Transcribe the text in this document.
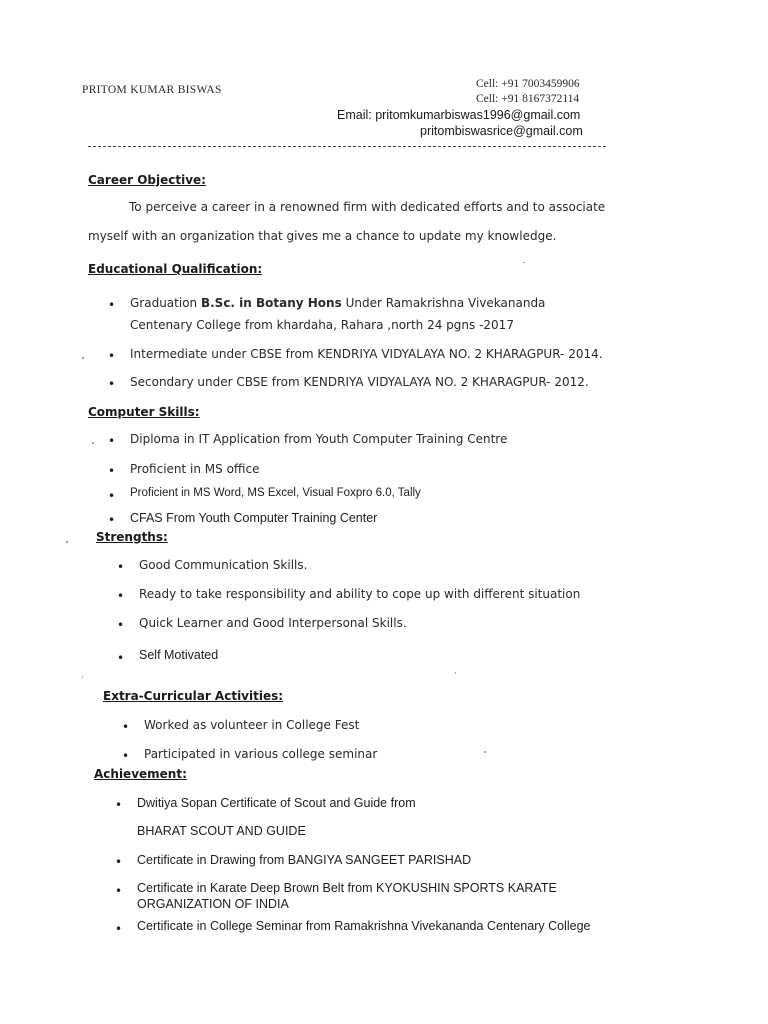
PRITOM KUMAR BISWAS	Cell: +91 7003459906
Cell: +91 8167372114
Email: pritomkumarbiswas1996@gmail.com
pritombiswasrice@gmail.com
Career Objective:
To perceive a career in a renowned firm with dedicated efforts and to associate
myself with an organization that gives me a chance to update my knowledge.
Educational Qualification:
• Graduation B.Sc. in Botany Hons Under Ramakrishna Vivekananda
Centenary College from khardaha, Rahara ,north 24 pgns -2017
• Intermediate under CBSE from KENDRIYA VIDYALAYA NO. 2 KHARAGPUR- 2014.
• Secondary under CBSE from KENDRIYA VIDYALAYA NO. 2 KHARAGPUR- 2012.
Computer Skills:
• Diploma in IT Application from Youth Computer Training Centre
• Proficient in MS office
• Proficient in MS Word, MS Excel, Visual Foxpro 6.0, Tally
• CFAS From Youth Computer Training Center
Strengths:
• Good Communication Skills.
• Ready to take responsibility and ability to cope up with different situation
• Quick Learner and Good Interpersonal Skills.
• Self Motivated
Extra-Curricular Activities:
• Worked as volunteer in College Fest
• Participated in various college seminar
Achievement:
• Dwitiya Sopan Certificate of Scout and Guide from
BHARAT SCOUT AND GUIDE
• Certificate in Drawing from BANGIYA SANGEET PARISHAD
• Certificate in Karate Deep Brown Belt from KYOKUSHIN SPORTS KARATE
ORGANIZATION OF INDIA
• Certificate in College Seminar from Ramakrishna Vivekananda Centenary College
